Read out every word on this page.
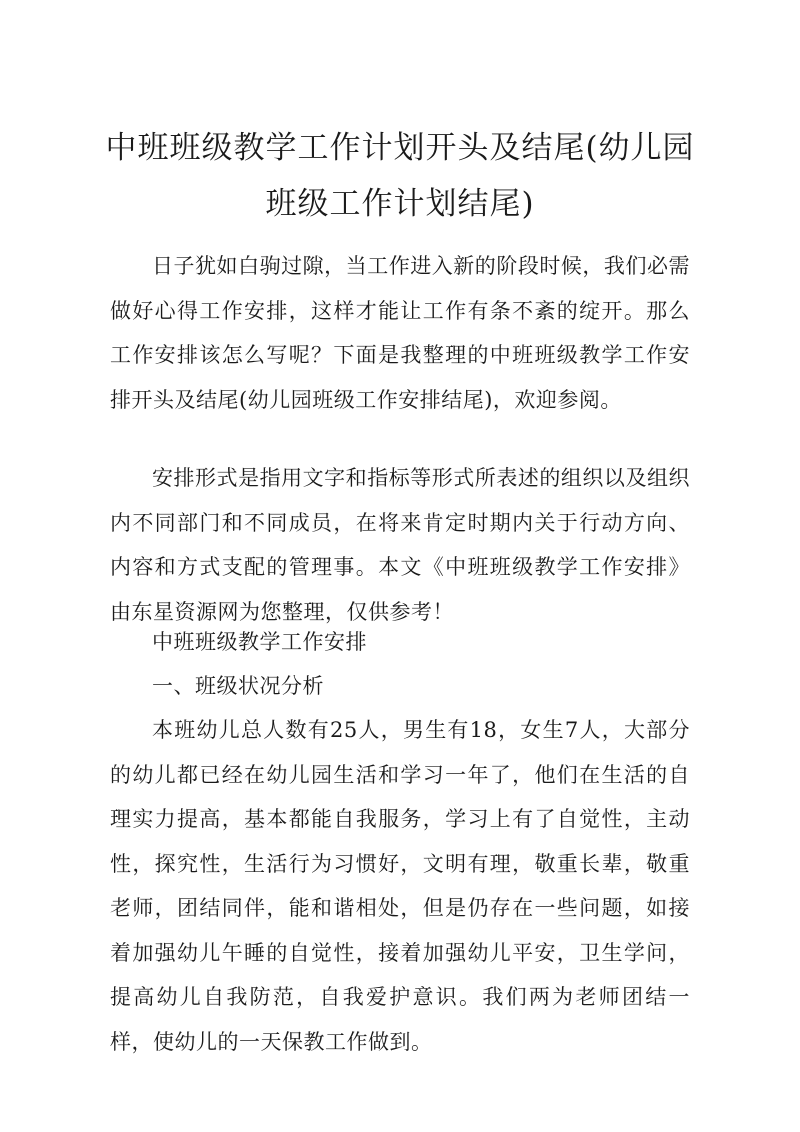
中班班级教学工作计划开头及结尾(幼儿园
班级工作计划结尾)

日子犹如白驹过隙，当工作进入新的阶段时候，我们必需做好心得工作安排，这样才能让工作有条不紊的绽开。那么工作安排该怎么写呢？下面是我整理的中班班级教学工作安排开头及结尾(幼儿园班级工作安排结尾)，欢迎参阅。

安排形式是指用文字和指标等形式所表述的组织以及组织内不同部门和不同成员，在将来肯定时期内关于行动方向、内容和方式支配的管理事。本文《中班班级教学工作安排》由东星资源网为您整理，仅供参考！

中班班级教学工作安排

一、班级状况分析

本班幼儿总人数有25人，男生有18，女生7人，大部分的幼儿都已经在幼儿园生活和学习一年了，他们在生活的自理实力提高，基本都能自我服务，学习上有了自觉性，主动性，探究性，生活行为习惯好，文明有理，敬重长辈，敬重老师，团结同伴，能和谐相处，但是仍存在一些问题，如接着加强幼儿午睡的自觉性，接着加强幼儿平安，卫生学问，提高幼儿自我防范，自我爱护意识。我们两为老师团结一样，使幼儿的一天保教工作做到。
